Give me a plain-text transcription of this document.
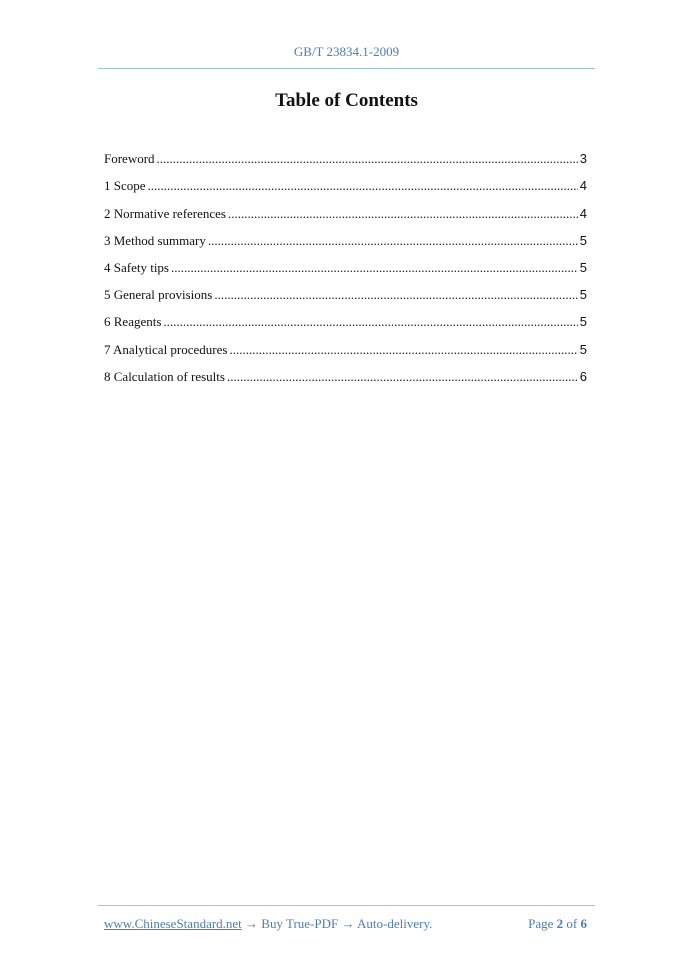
GB/T 23834.1-2009
Table of Contents
Foreword .....	3
1 Scope .....	4
2 Normative references .....	4
3 Method summary .....	5
4 Safety tips .....	5
5 General provisions .....	5
6 Reagents .....	5
7 Analytical procedures .....	5
8 Calculation of results .....	6
www.ChineseStandard.net → Buy True-PDF → Auto-delivery.	Page 2 of 6
